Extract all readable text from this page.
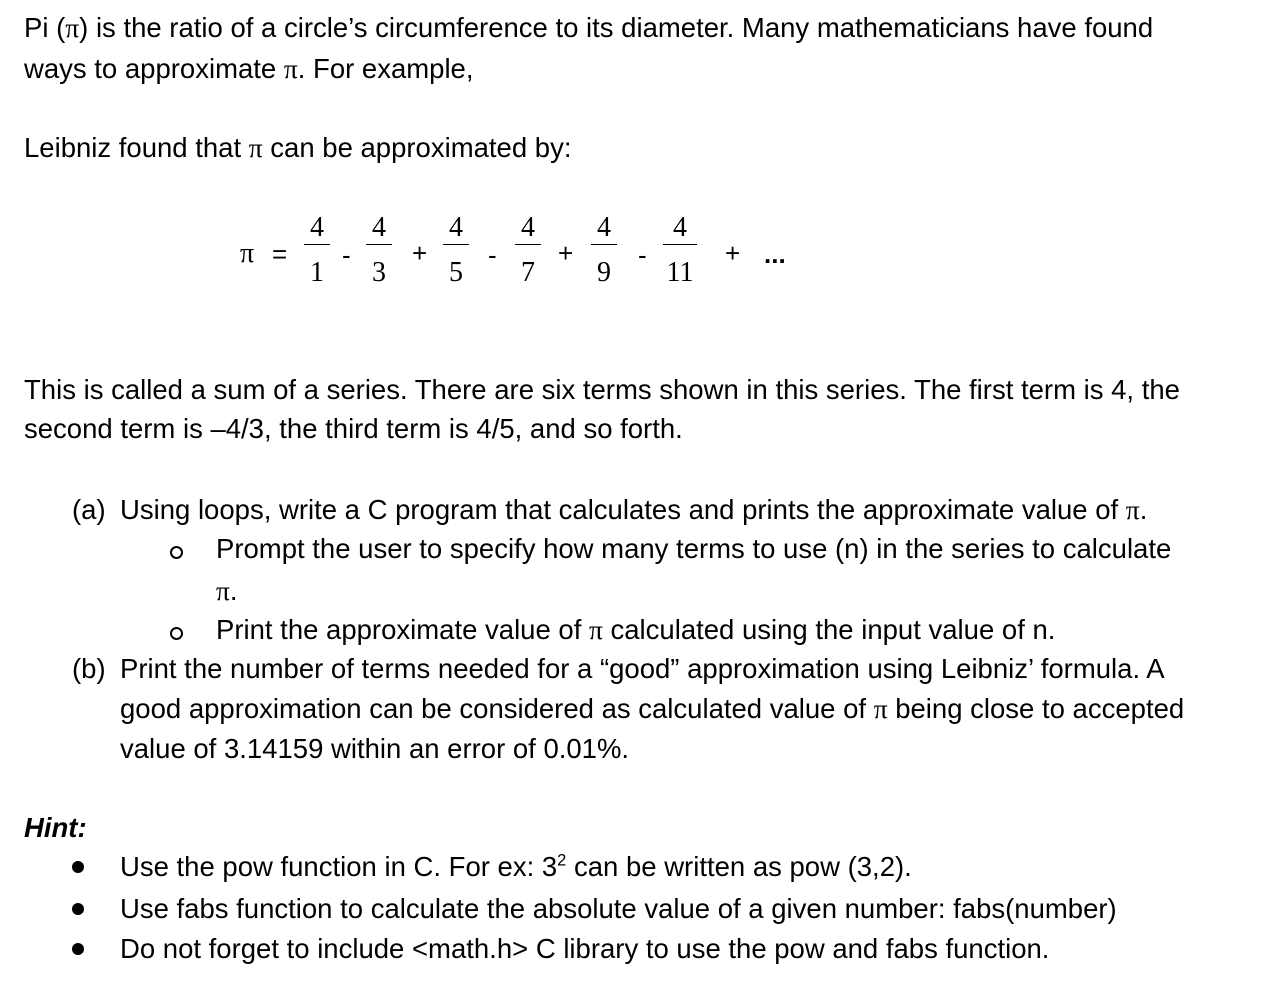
Pi (π) is the ratio of a circle’s circumference to its diameter. Many mathematicians have found
ways to approximate π. For example,
Leibniz found that π can be approximated by:
π =
4
1
-
4
3
+
4
5
-
4
7
+
4
9
-
4
11
+ ...
This is called a sum of a series. There are six terms shown in this series. The first term is 4, the
second term is –4/3, the third term is 4/5, and so forth.
(a) Using loops, write a C program that calculates and prints the approximate value of π.
Prompt the user to specify how many terms to use (n) in the series to calculate
π.
Print the approximate value of π calculated using the input value of n.
(b) Print the number of terms needed for a “good” approximation using Leibniz’ formula. A
good approximation can be considered as calculated value of π being close to accepted
value of 3.14159 within an error of 0.01%.
Hint:
Use the pow function in C. For ex: $3^2$ can be written as pow (3,2).
Use fabs function to calculate the absolute value of a given number: fabs(number)
Do not forget to include <math.h> C library to use the pow and fabs function.
